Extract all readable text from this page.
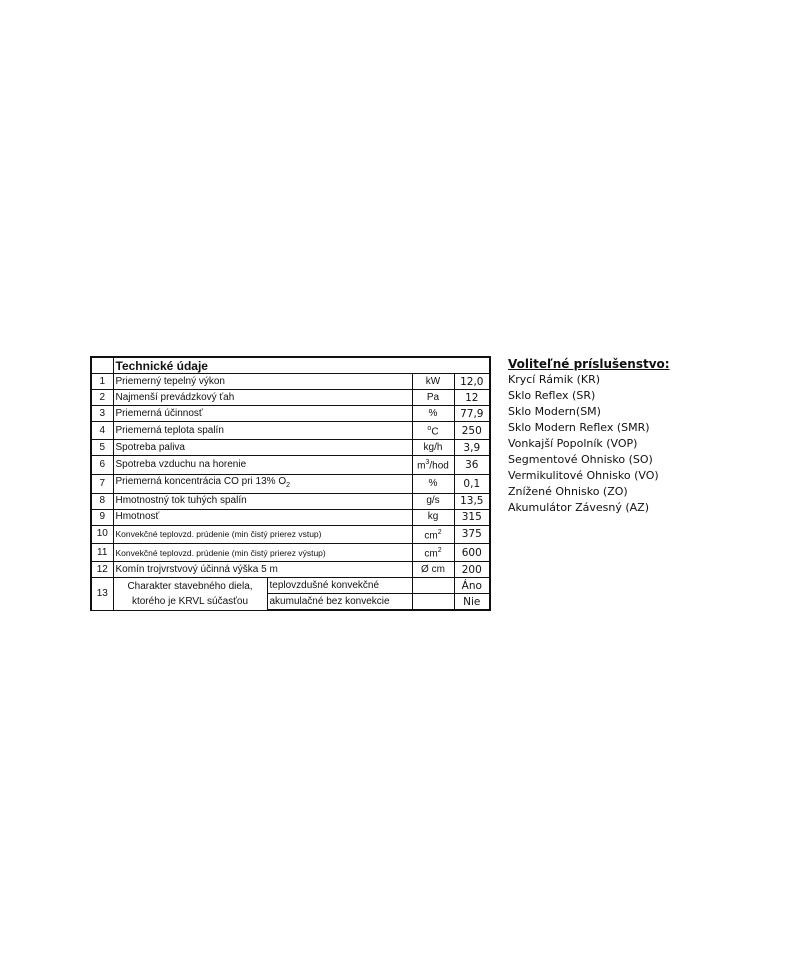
	Technické údaje			
1	Priemerný tepelný výkon		kW	12,0
2	Najmenší prevádzkový ťah		Pa	12
3	Priemerná účinnosť		%	77,9
4	Priemerná teplota spalín		$^o$C	250
5	Spotreba paliva		kg/h	3,9
6	Spotreba vzduchu na horenie		$m^3$/hod	36
7	Priemerná koncentrácia CO pri 13% $O_2$		%	0,1
8	Hmotnostný tok tuhých spalín		g/s	13,5
9	Hmotnosť		kg	315
10	Konvekčné teplovzd. prúdenie (min čistý prierez vstup)		$cm^2$	375
11	Konvekčné teplovzd. prúdenie (min čistý prierez výstup)		$cm^2$	600
12	Komín trojvrstvový účinná výška 5 m		Ø cm	200
13	Charakter stavebného diela, ktorého je KRVL súčasťou	teplovzdušné konvekčné		Áno
		akumulačné bez konvekcie		Nie
Voliteľné príslušenstvo:
Krycí Rámik (KR)
Sklo Reflex (SR)
Sklo Modern(SM)
Sklo Modern Reflex (SMR)
Vonkajší Popolník (VOP)
Segmentové Ohnisko (SO)
Vermikulitové Ohnisko (VO)
Znížené Ohnisko (ZO)
Akumulátor Závesný (AZ)
